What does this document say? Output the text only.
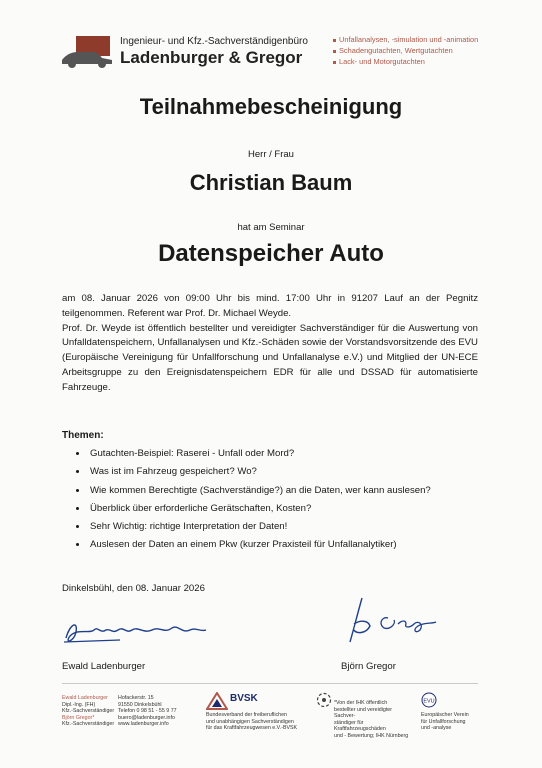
Ingenieur- und Kfz.-Sachverständigenbüro
Ladenburger & Gregor
Unfallanalysen, -simulation und -animation
Schadengutachten, Wertgutachten
Lack- und Motorgutachten
Teilnahmebescheinigung
Herr / Frau
Christian Baum
hat am Seminar
Datenspeicher Auto

am 08. Januar 2026 von 09:00 Uhr bis mind. 17:00 Uhr in 91207 Lauf an der Pegnitz teilgenommen. Referent war Prof. Dr. Michael Weyde.

Prof. Dr. Weyde ist öffentlich bestellter und vereidigter Sachverständiger für die Auswertung von Unfalldatenspeichern, Unfallanalysen und Kfz.-Schäden sowie der Vorstandsvorsitzende des EVU (Europäische Vereinigung für Unfallforschung und Unfallanalyse e.V.) und Mitglied der UN-ECE Arbeitsgruppe zu den Ereignisdatenspeichern EDR für alle und DSSAD für automatisierte Fahrzeuge.

Themen:
Gutachten-Beispiel: Raserei - Unfall oder Mord?
Was ist im Fahrzeug gespeichert? Wo?
Wie kommen Berechtigte (Sachverständige?) an die Daten, wer kann auslesen?
Überblick über erforderliche Gerätschaften, Kosten?
Sehr Wichtig: richtige Interpretation der Daten!
Auslesen der Daten an einem Pkw (kurzer Praxisteil für Unfallanalytiker)
Dinkelsbühl, den 08. Januar 2026
Ewald Ladenburger	Björn Gregor
Ewald Ladenburger
Dipl.-Ing. (FH)
Kfz.-Sachverständiger
Björn Gregor*
Kfz.-Sachverständiger
Hofackerstr. 15
91550 Dinkelsbühl
Telefon 0 98 51 - 55 9 77
buero@ladenburger.info
www.ladenburger.info
BVSK
Bundesverband der freiberuflichen
und unabhängigen Sachverständigen
für das Kraftfahrzeugwesen e.V.-BVSK
*Von der IHK öffentlich
bestellter und vereidigter Sachver-
ständiger für Kraftfahrzeugschäden
und - Bewertung; IHK Nürnberg
EVU
Europäischer Verein
für Unfallforschung
und -analyse
